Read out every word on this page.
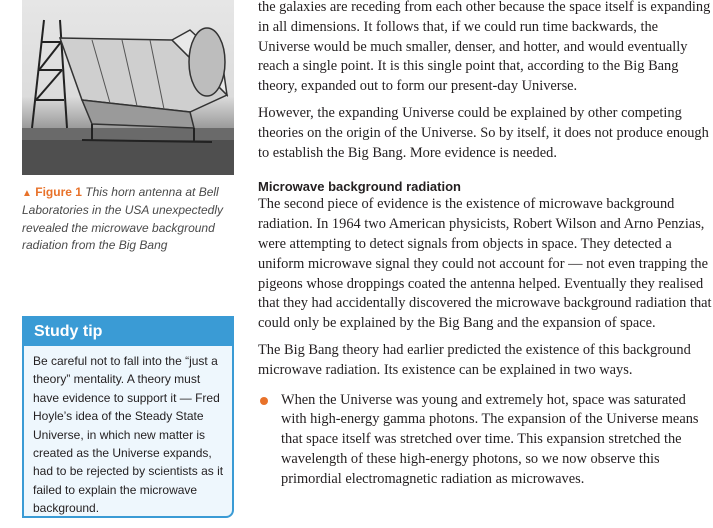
▲ Figure 1 This horn antenna at Bell Laboratories in the USA unexpectedly revealed the microwave background radiation from the Big Bang
Study tip
Be careful not to fall into the “just a theory” mentality. A theory must have evidence to support it — Fred Hoyle’s idea of the Steady State Universe, in which new matter is created as the Universe expands, had to be rejected by scientists as it failed to explain the microwave background.

the galaxies are receding from each other because the space itself is expanding in all dimensions. It follows that, if we could run time backwards, the Universe would be much smaller, denser, and hotter, and would eventually reach a single point. It is this single point that, according to the Big Bang theory, expanded out to form our present-day Universe.

However, the expanding Universe could be explained by other competing theories on the origin of the Universe. So by itself, it does not produce enough to establish the Big Bang. More evidence is needed.

Microwave background radiation

The second piece of evidence is the existence of microwave background radiation. In 1964 two American physicists, Robert Wilson and Arno Penzias, were attempting to detect signals from objects in space. They detected a uniform microwave signal they could not account for — not even trapping the pigeons whose droppings coated the antenna helped. Eventually they realised that they had accidentally discovered the microwave background radiation that could only be explained by the Big Bang and the expansion of space.

The Big Bang theory had earlier predicted the existence of this background microwave radiation. Its existence can be explained in two ways.

When the Universe was young and extremely hot, space was saturated with high-energy gamma photons. The expansion of the Universe means that space itself was stretched over time. This expansion stretched the wavelength of these high-energy photons, so we now observe this primordial electromagnetic radiation as microwaves.
